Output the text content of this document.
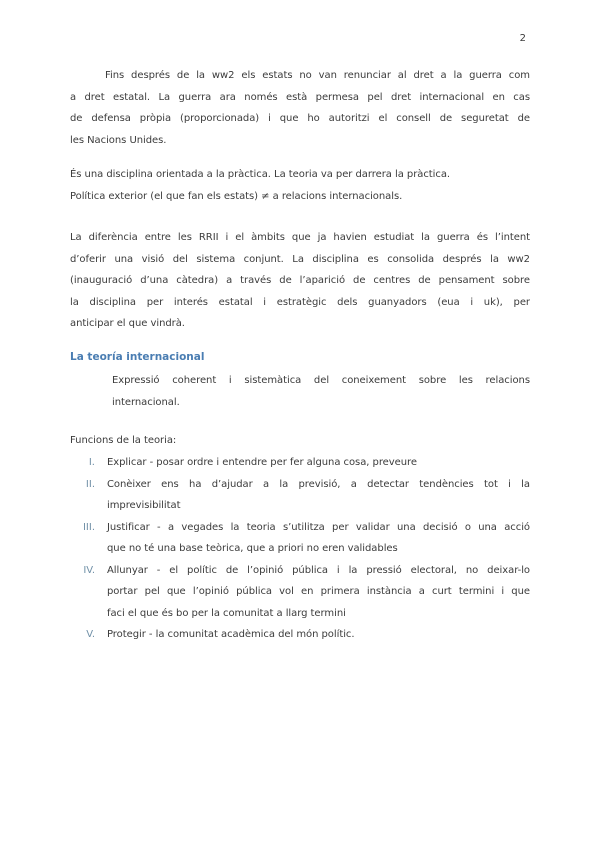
2
Fins després de la ww2 els estats no van renunciar al dret a la guerra com
a dret estatal. La guerra ara només està permesa pel dret internacional en cas
de defensa pròpia (proporcionada) i que ho autoritzi el consell de seguretat de
les Nacions Unides.
És una disciplina orientada a la pràctica. La teoria va per darrera la pràctica.
Política exterior (el que fan els estats) ≠ a relacions internacionals.
La diferència entre les RRII i el àmbits que ja havien estudiat la guerra és l’intent
d’oferir una visió del sistema conjunt. La disciplina es consolida després la ww2
(inauguració d’una càtedra) a través de l’aparició de centres de pensament sobre
la disciplina per interés estatal i estratègic dels guanyadors (eua i uk), per
anticipar el que vindrà.
La teoría internacional
Expressió coherent i sistemàtica del coneixement sobre les relacions
internacional.
Funcions de la teoria:
I. Explicar - posar ordre i entendre per fer alguna cosa, preveure
II. Conèixer ens ha d’ajudar a la previsió, a detectar tendències tot i la
imprevisibilitat
III. Justificar - a vegades la teoria s’utilitza per validar una decisió o una acció
que no té una base teòrica, que a priori no eren validables
IV. Allunyar - el polític de l’opinió pública i la pressió electoral, no deixar-lo
portar pel que l’opinió pública vol en primera instància a curt termini i que
faci el que és bo per la comunitat a llarg termini
V. Protegir - la comunitat acadèmica del món polític.
